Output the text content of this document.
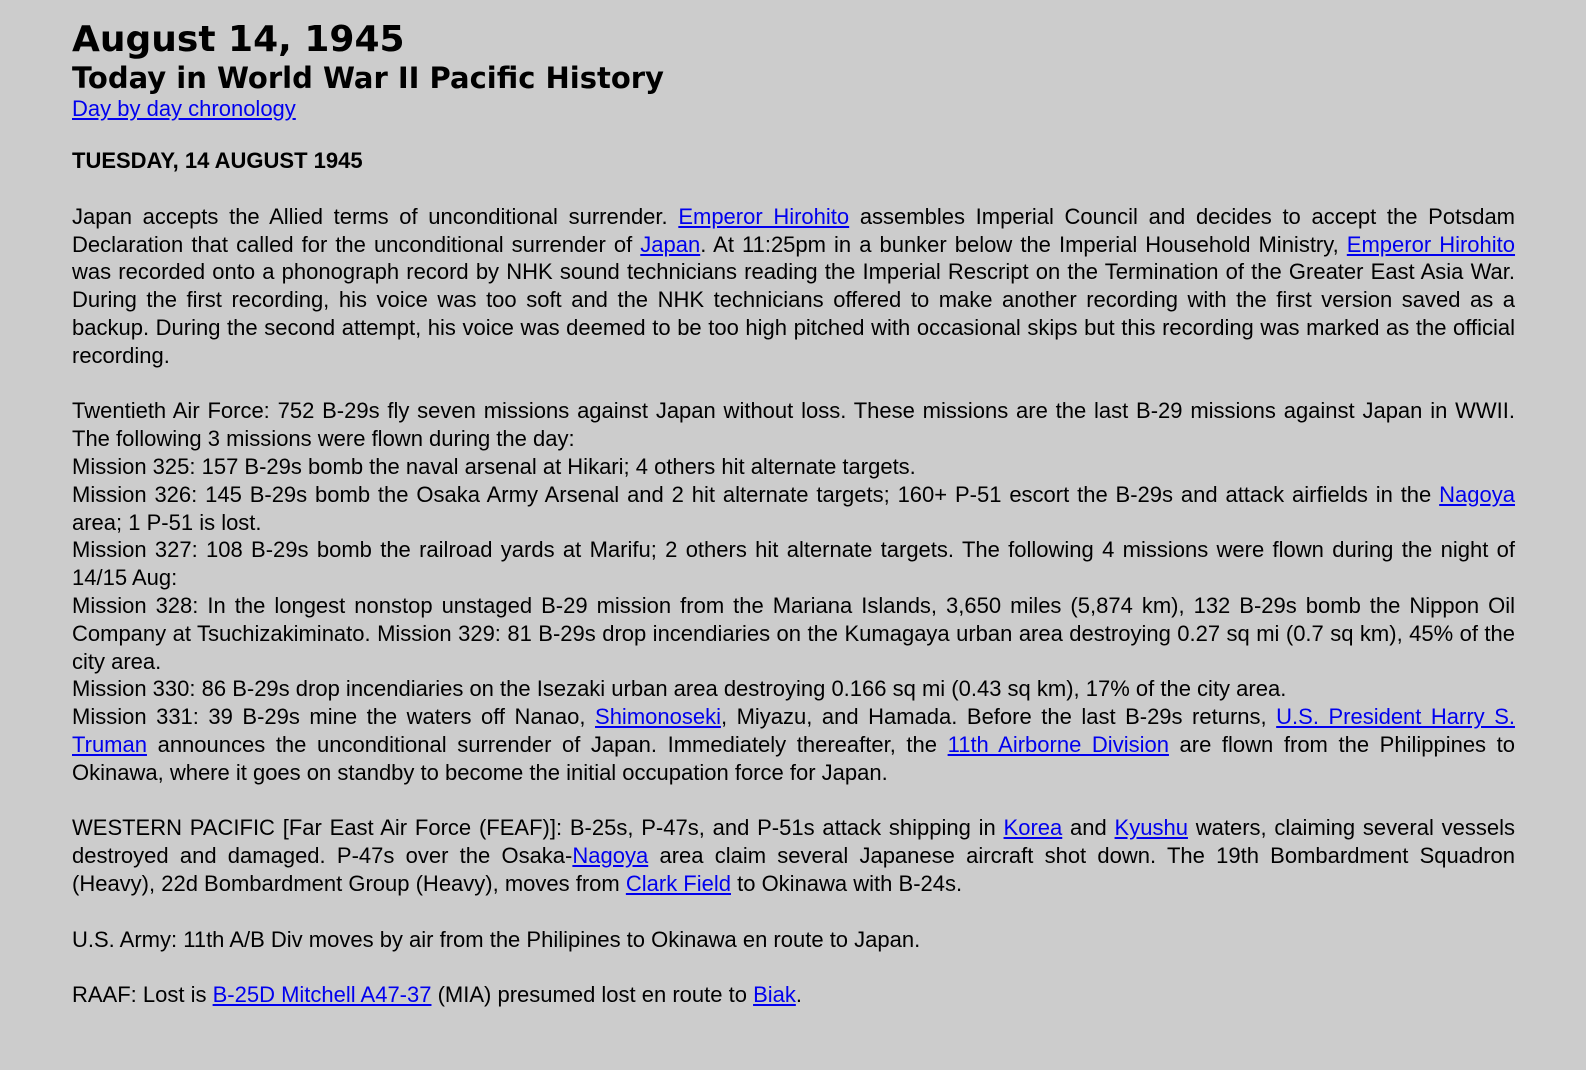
August 14, 1945
Today in World War II Pacific History
Day by day chronology
TUESDAY, 14 AUGUST 1945

Japan accepts the Allied terms of unconditional surrender. Emperor Hirohito assembles Imperial Council and decides to accept the Potsdam Declaration that called for the unconditional surrender of Japan. At 11:25pm in a bunker below the Imperial Household Ministry, Emperor Hirohito was recorded onto a phonograph record by NHK sound technicians reading the Imperial Rescript on the Termination of the Greater East Asia War. During the first recording, his voice was too soft and the NHK technicians offered to make another recording with the first version saved as a backup. During the second attempt, his voice was deemed to be too high pitched with occasional skips but this recording was marked as the official recording.

Twentieth Air Force: 752 B-29s fly seven missions against Japan without loss. These missions are the last B-29 missions against Japan in WWII. The following 3 missions were flown during the day:
Mission 325: 157 B-29s bomb the naval arsenal at Hikari; 4 others hit alternate targets.
Mission 326: 145 B-29s bomb the Osaka Army Arsenal and 2 hit alternate targets; 160+ P-51 escort the B-29s and attack airfields in the Nagoya area; 1 P-51 is lost.
Mission 327: 108 B-29s bomb the railroad yards at Marifu; 2 others hit alternate targets. The following 4 missions were flown during the night of 14/15 Aug:
Mission 328: In the longest nonstop unstaged B-29 mission from the Mariana Islands, 3,650 miles (5,874 km), 132 B-29s bomb the Nippon Oil Company at Tsuchizakiminato. Mission 329: 81 B-29s drop incendiaries on the Kumagaya urban area destroying 0.27 sq mi (0.7 sq km), 45% of the city area.
Mission 330: 86 B-29s drop incendiaries on the Isezaki urban area destroying 0.166 sq mi (0.43 sq km), 17% of the city area.
Mission 331: 39 B-29s mine the waters off Nanao, Shimonoseki, Miyazu, and Hamada. Before the last B-29s returns, U.S. President Harry S. Truman announces the unconditional surrender of Japan. Immediately thereafter, the 11th Airborne Division are flown from the Philippines to Okinawa, where it goes on standby to become the initial occupation force for Japan.

WESTERN PACIFIC [Far East Air Force (FEAF)]: B-25s, P-47s, and P-51s attack shipping in Korea and Kyushu waters, claiming several vessels destroyed and damaged. P-47s over the Osaka-Nagoya area claim several Japanese aircraft shot down. The 19th Bombardment Squadron (Heavy), 22d Bombardment Group (Heavy), moves from Clark Field to Okinawa with B-24s.

U.S. Army: 11th A/B Div moves by air from the Philipines to Okinawa en route to Japan.

RAAF: Lost is B-25D Mitchell A47-37 (MIA) presumed lost en route to Biak.
